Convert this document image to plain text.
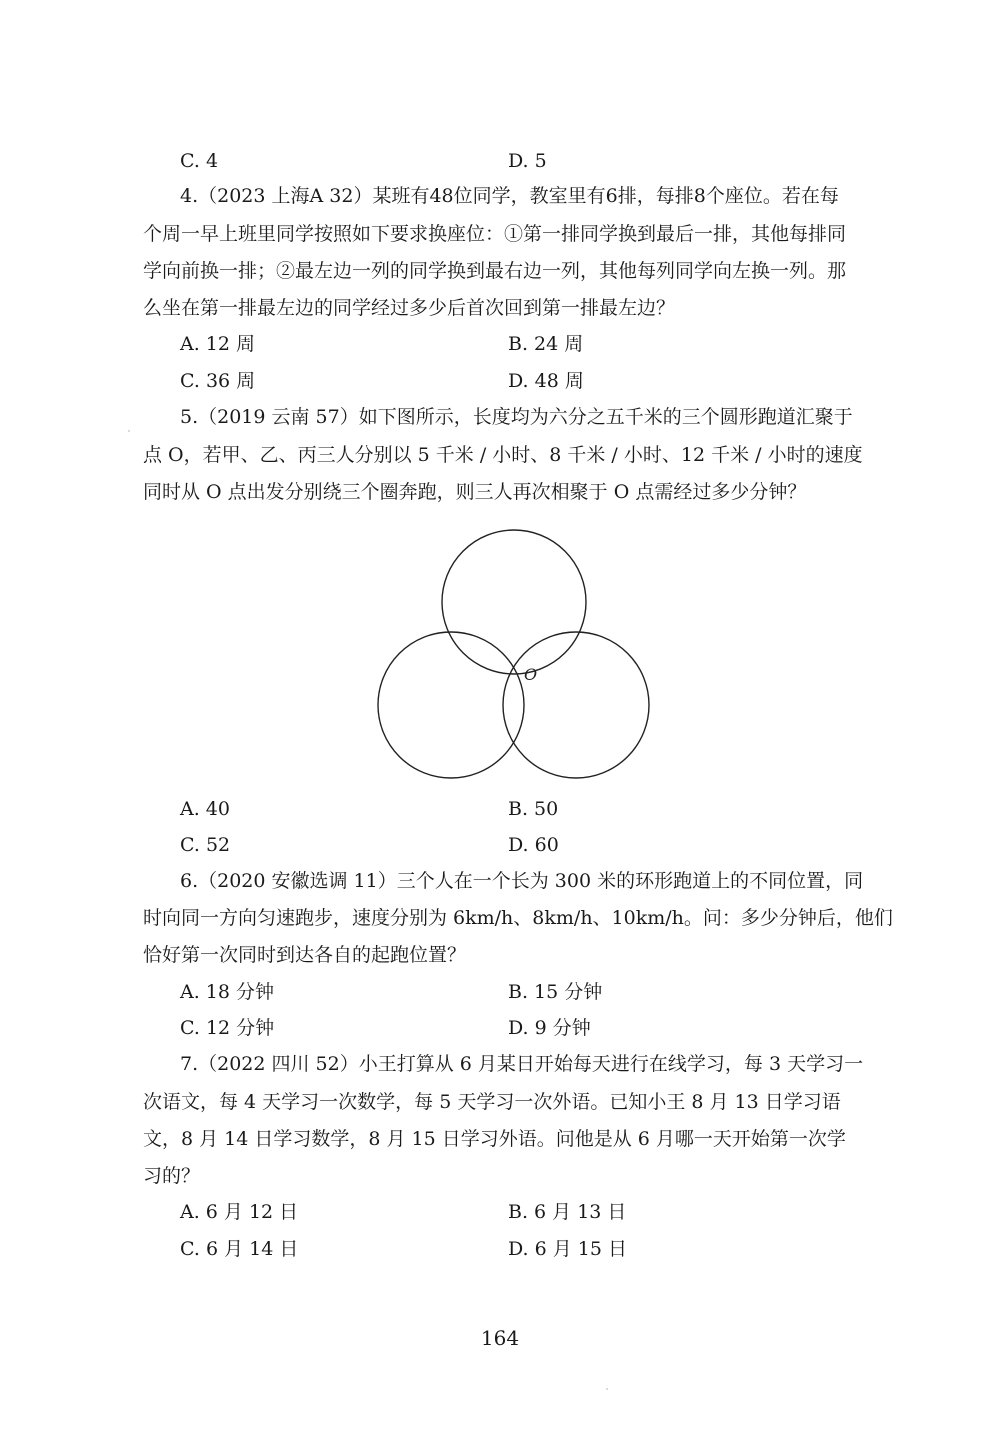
C. 4	D. 5
4.（2023 上海A 32）某班有48位同学，教室里有6排，每排8个座位。若在每
个周一早上班里同学按照如下要求换座位：①第一排同学换到最后一排，其他每排同
学向前换一排；②最左边一列的同学换到最右边一列，其他每列同学向左换一列。那
么坐在第一排最左边的同学经过多少后首次回到第一排最左边？
A. 12 周	B. 24 周
C. 36 周	D. 48 周
5.（2019 云南 57）如下图所示，长度均为六分之五千米的三个圆形跑道汇聚于
点 O，若甲、乙、丙三人分别以 5 千米 / 小时、8 千米 / 小时、12 千米 / 小时的速度
同时从 O 点出发分别绕三个圈奔跑，则三人再次相聚于 O 点需经过多少分钟？
O
A. 40	B. 50
C. 52	D. 60
6.（2020 安徽选调 11）三个人在一个长为 300 米的环形跑道上的不同位置，同
时向同一方向匀速跑步，速度分别为 6km/h、8km/h、10km/h。问：多少分钟后，他们
恰好第一次同时到达各自的起跑位置？
A. 18 分钟	B. 15 分钟
C. 12 分钟	D. 9 分钟
7.（2022 四川 52）小王打算从 6 月某日开始每天进行在线学习，每 3 天学习一
次语文，每 4 天学习一次数学，每 5 天学习一次外语。已知小王 8 月 13 日学习语
文，8 月 14 日学习数学，8 月 15 日学习外语。问他是从 6 月哪一天开始第一次学
习的？
A. 6 月 12 日	B. 6 月 13 日
C. 6 月 14 日	D. 6 月 15 日
164
